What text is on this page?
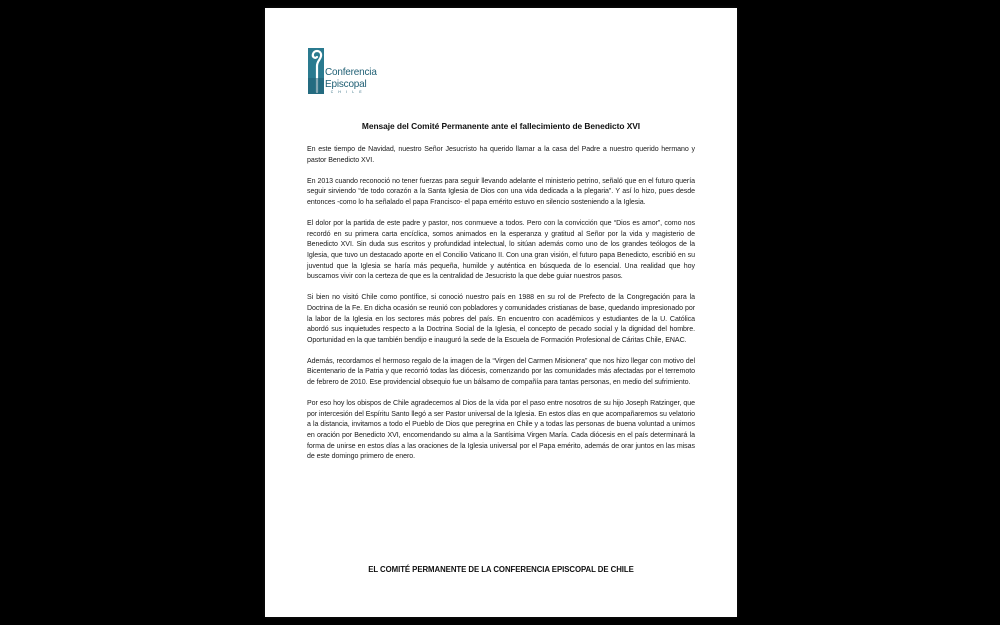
Conferencia
Episcopal
CHILE
Mensaje del Comité Permanente ante el fallecimiento de Benedicto XVI

En este tiempo de Navidad, nuestro Señor Jesucristo ha querido llamar a la casa del Padre a nuestro querido hermano y pastor Benedicto XVI.

En 2013 cuando reconoció no tener fuerzas para seguir llevando adelante el ministerio petrino, señaló que en el futuro quería seguir sirviendo “de todo corazón a la Santa Iglesia de Dios con una vida dedicada a la plegaria”. Y así lo hizo, pues desde entonces -como lo ha señalado el papa Francisco- el papa emérito estuvo en silencio sosteniendo a la Iglesia.

El dolor por la partida de este padre y pastor, nos conmueve a todos. Pero con la convicción que “Dios es amor”, como nos recordó en su primera carta encíclica, somos animados en la esperanza y gratitud al Señor por la vida y magisterio de Benedicto XVI. Sin duda sus escritos y profundidad intelectual, lo sitúan además como uno de los grandes teólogos de la Iglesia, que tuvo un destacado aporte en el Concilio Vaticano II. Con una gran visión, el futuro papa Benedicto, escribió en su juventud que la Iglesia se haría más pequeña, humilde y auténtica en búsqueda de lo esencial. Una realidad que hoy buscamos vivir con la certeza de que es la centralidad de Jesucristo la que debe guiar nuestros pasos.

Si bien no visitó Chile como pontífice, si conoció nuestro país en 1988 en su rol de Prefecto de la Congregación para la Doctrina de la Fe. En dicha ocasión se reunió con pobladores y comunidades cristianas de base, quedando impresionado por la labor de la Iglesia en los sectores más pobres del país. En encuentro con académicos y estudiantes de la U. Católica abordó sus inquietudes respecto a la Doctrina Social de la Iglesia, el concepto de pecado social y la dignidad del hombre. Oportunidad en la que también bendijo e inauguró la sede de la Escuela de Formación Profesional de Cáritas Chile, ENAC.

Además, recordamos el hermoso regalo de la imagen de la “Virgen del Carmen Misionera” que nos hizo llegar con motivo del Bicentenario de la Patria y que recorrió todas las diócesis, comenzando por las comunidades más afectadas por el terremoto de febrero de 2010. Ese providencial obsequio fue un bálsamo de compañía para tantas personas, en medio del sufrimiento.

Por eso hoy los obispos de Chile agradecemos al Dios de la vida por el paso entre nosotros de su hijo Joseph Ratzinger, que por intercesión del Espíritu Santo llegó a ser Pastor universal de la Iglesia. En estos días en que acompañaremos su velatorio a la distancia, invitamos a todo el Pueblo de Dios que peregrina en Chile y a todas las personas de buena voluntad a unirnos en oración por Benedicto XVI, encomendando su alma a la Santísima Virgen María. Cada diócesis en el país determinará la forma de unirse en estos días a las oraciones de la Iglesia universal por el Papa emérito, además de orar juntos en las misas de este domingo primero de enero.

EL COMITÉ PERMANENTE DE LA CONFERENCIA EPISCOPAL DE CHILE
